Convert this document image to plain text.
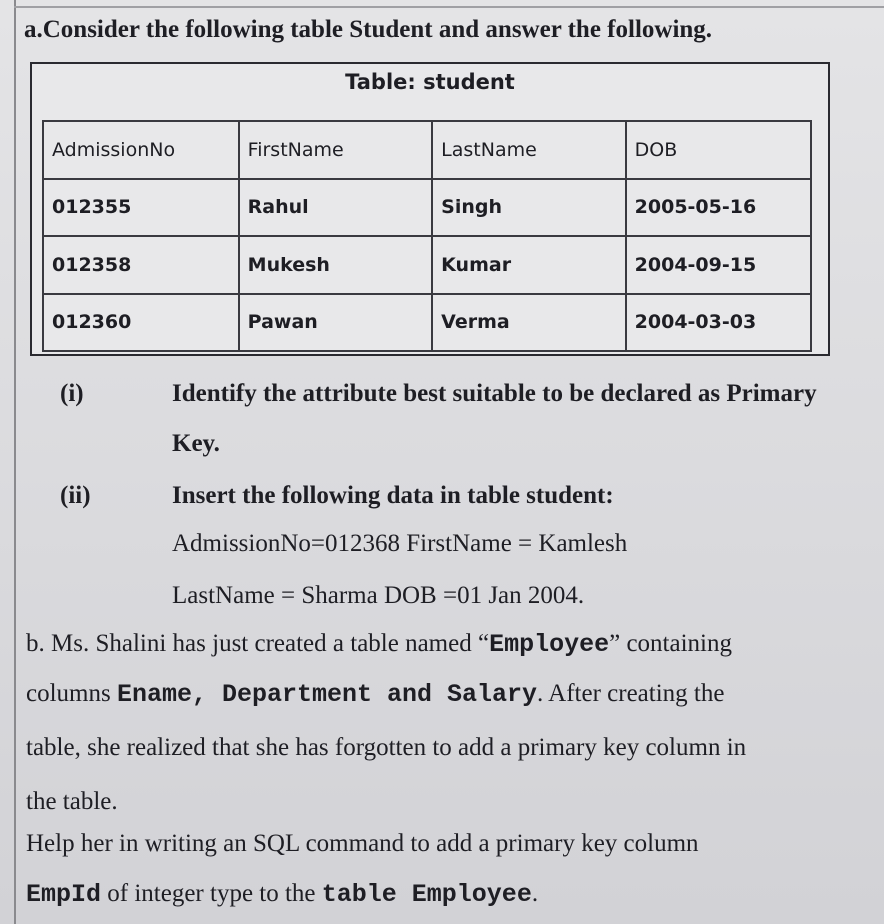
a.Consider the following table Student and answer the following.
Table: student
AdmissionNo	FirstName	LastName	DOB
012355	Rahul	Singh	2005-05-16
012358	Mukesh	Kumar	2004-09-15
012360	Pawan	Verma	2004-03-03
(i)	Identify the attribute best suitable to be declared as Primary
Key.
(ii)	Insert the following data in table student:
AdmissionNo=012368 FirstName = Kamlesh
LastName = Sharma DOB =01 Jan 2004.
b. Ms. Shalini has just created a table named “Employee” containing
columns Ename, Department and Salary. After creating the
table, she realized that she has forgotten to add a primary key column in
the table.
Help her in writing an SQL command to add a primary key column
EmpId of integer type to the table Employee.
